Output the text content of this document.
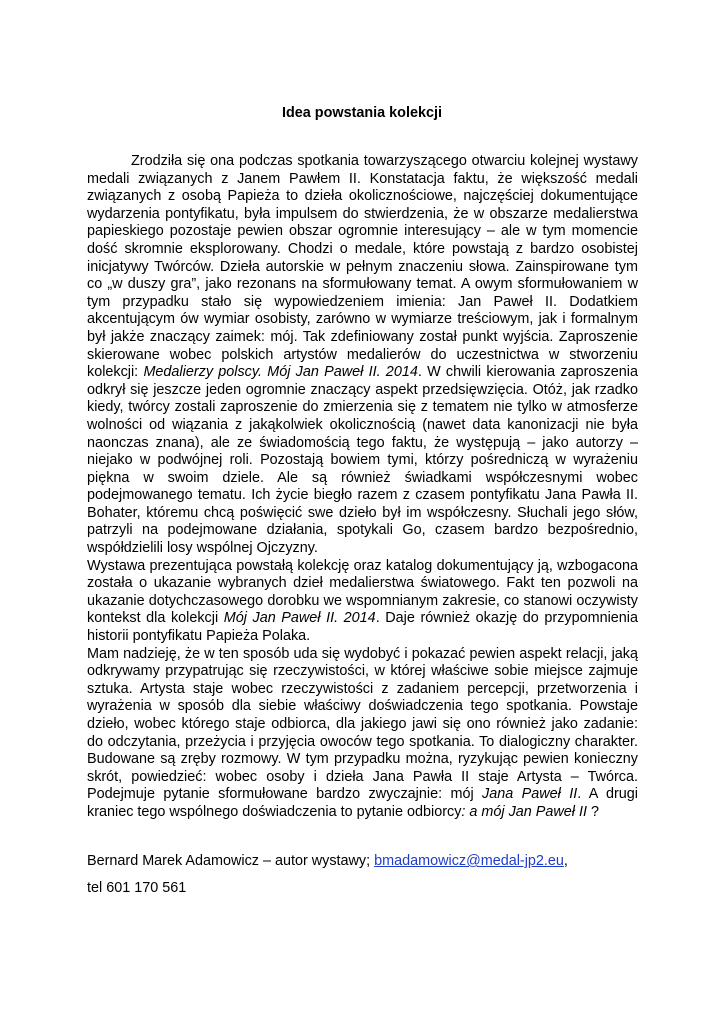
Idea powstania kolekcji

Zrodziła się ona podczas spotkania towarzyszącego otwarciu kolejnej wystawy medali związanych z Janem Pawłem II. Konstatacja faktu, że większość medali związanych z osobą Papieża to dzieła okolicznościowe, najczęściej dokumentujące wydarzenia pontyfikatu, była impulsem do stwierdzenia, że w obszarze medalierstwa papieskiego pozostaje pewien obszar ogromnie interesujący – ale w tym momencie dość skromnie eksplorowany. Chodzi o medale, które powstają z bardzo osobistej inicjatywy Twórców. Dzieła autorskie w pełnym znaczeniu słowa. Zainspirowane tym co „w duszy gra”, jako rezonans na sformułowany temat. A owym sformułowaniem w tym przypadku stało się wypowiedzeniem imienia: Jan Paweł II. Dodatkiem akcentującym ów wymiar osobisty, zarówno w wymiarze treściowym, jak i formalnym był jakże znaczący zaimek: mój. Tak zdefiniowany został punkt wyjścia. Zaproszenie skierowane wobec polskich artystów medalierów do uczestnictwa w stworzeniu kolekcji: Medalierzy polscy. Mój Jan Paweł II. 2014. W chwili kierowania zaproszenia odkrył się jeszcze jeden ogromnie znaczący aspekt przedsięwzięcia. Otóż, jak rzadko kiedy, twórcy zostali zaproszenie do zmierzenia się z tematem nie tylko w atmosferze wolności od wiązania z jakąkolwiek okolicznością (nawet data kanonizacji nie była naonczas znana), ale ze świadomością tego faktu, że występują – jako autorzy – niejako w podwójnej roli. Pozostają bowiem tymi, którzy pośredniczą w wyrażeniu piękna w swoim dziele. Ale są również świadkami współczesnymi wobec podejmowanego tematu. Ich życie biegło razem z czasem pontyfikatu Jana Pawła II. Bohater, któremu chcą poświęcić swe dzieło był im współczesny. Słuchali jego słów, patrzyli na podejmowane działania, spotykali Go, czasem bardzo bezpośrednio, współdzielili losy wspólnej Ojczyzny.

Wystawa prezentująca powstałą kolekcję oraz katalog dokumentujący ją, wzbogacona została o ukazanie wybranych dzieł medalierstwa światowego. Fakt ten pozwoli na ukazanie dotychczasowego dorobku we wspomnianym zakresie, co stanowi oczywisty kontekst dla kolekcji Mój Jan Paweł II. 2014. Daje również okazję do przypomnienia historii pontyfikatu Papieża Polaka.

Mam nadzieję, że w ten sposób uda się wydobyć i pokazać pewien aspekt relacji, jaką odkrywamy przypatrując się rzeczywistości, w której właściwe sobie miejsce zajmuje sztuka. Artysta staje wobec rzeczywistości z zadaniem percepcji, przetworzenia i wyrażenia w sposób dla siebie właściwy doświadczenia tego spotkania. Powstaje dzieło, wobec którego staje odbiorca, dla jakiego jawi się ono również jako zadanie: do odczytania, przeżycia i przyjęcia owoców tego spotkania. To dialogiczny charakter. Budowane są zręby rozmowy. W tym przypadku można, ryzykując pewien konieczny skrót, powiedzieć: wobec osoby i dzieła Jana Pawła II staje Artysta – Twórca. Podejmuje pytanie sformułowane bardzo zwyczajnie: mój Jana Paweł II. A drugi kraniec tego wspólnego doświadczenia to pytanie odbiorcy: a mój Jan Paweł II ?

Bernard Marek Adamowicz – autor wystawy; bmadamowicz@medal-jp2.eu,

tel 601 170 561
